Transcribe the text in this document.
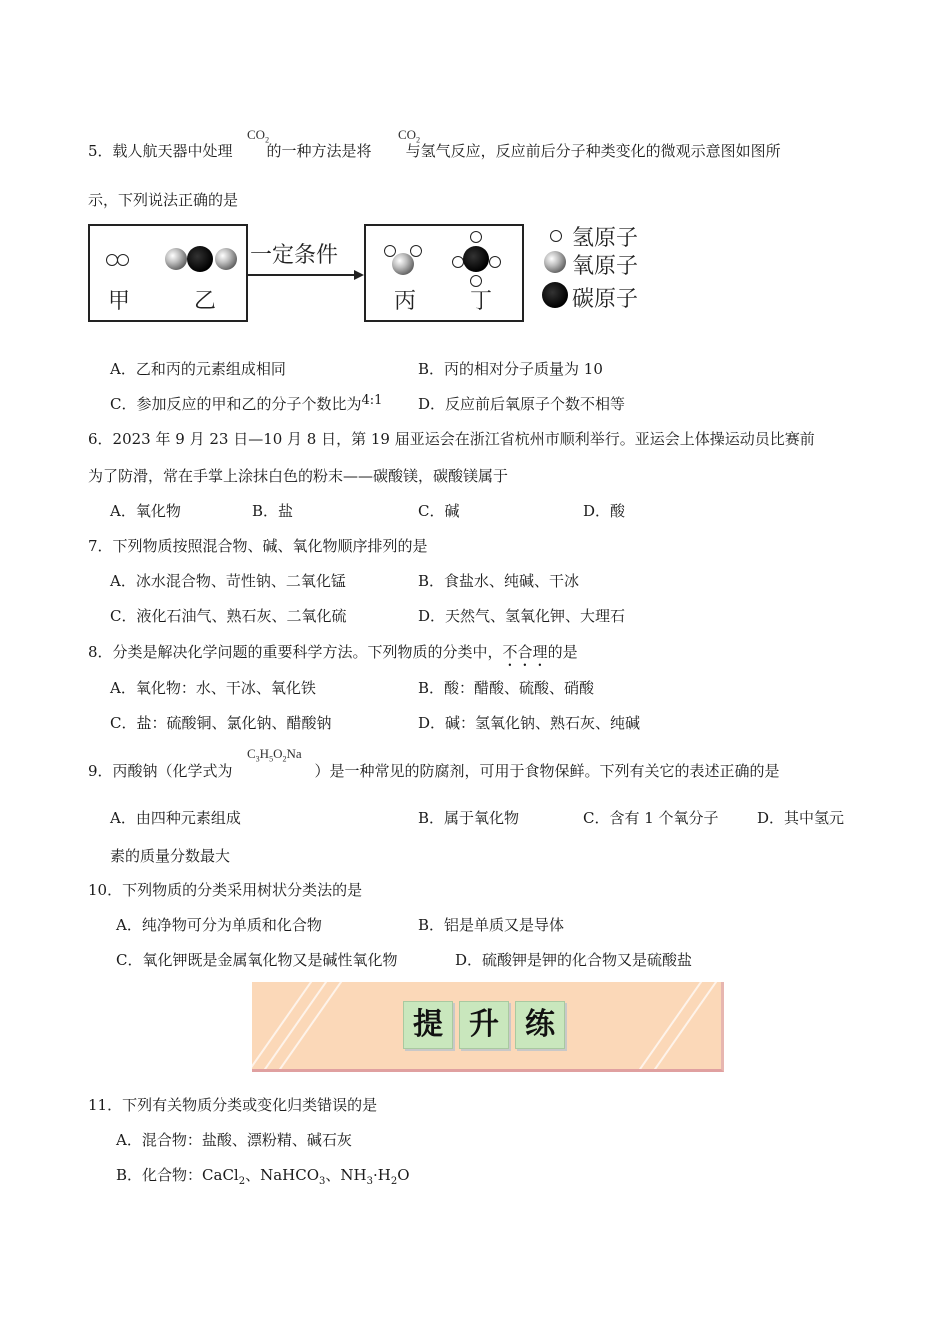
5．载人航天器中处理 的一种方法是将 与氢气反应，反应前后分子种类变化的微观示意图如图所
$CO_2$	$CO_2$
示，下列说法正确的是
甲	乙
一定条件
丙 丁
氢原子
氧原子
碳原子
A．乙和丙的元素组成相同	B．丙的相对分子质量为 10
C．参加反应的甲和乙的分子个数比为4:1 D．反应前后氧原子个数不相等
6．2023 年 9 月 23 日—10 月 8 日，第 19 届亚运会在浙江省杭州市顺利举行。亚运会上体操运动员比赛前
为了防滑，常在手掌上涂抹白色的粉末——碳酸镁，碳酸镁属于
A．氧化物	B．盐	C．碱	D．酸
7．下列物质按照混合物、碱、氧化物顺序排列的是
A．冰水混合物、苛性钠、二氧化锰	B．食盐水、纯碱、干冰
C．液化石油气、熟石灰、二氧化硫	D．天然气、氢氧化钾、大理石
8．分类是解决化学问题的重要科学方法。下列物质的分类中，不合理的是
A．氧化物：水、干冰、氧化铁	B．酸：醋酸、硫酸、硝酸
C．盐：硫酸铜、氯化钠、醋酸钠	D．碱：氢氧化钠、熟石灰、纯碱
9．丙酸钠（化学式为	）是一种常见的防腐剂，可用于食物保鲜。下列有关它的表述正确的是
$C_3H_5O_2Na$
A．由四种元素组成	B．属于氧化物	C．含有 1 个氧分子	D．其中氢元
素的质量分数最大
10．下列物质的分类采用树状分类法的是
A．纯净物可分为单质和化合物	B．铝是单质又是导体
C．氧化钾既是金属氧化物又是碱性氧化物	D．硫酸钾是钾的化合物又是硫酸盐
提 升 练
11．下列有关物质分类或变化归类错误的是
A．混合物：盐酸、漂粉精、碱石灰
B．化合物：CaCl$_2$、NaHCO$_3$、$NH_3\cdot H_2O$
